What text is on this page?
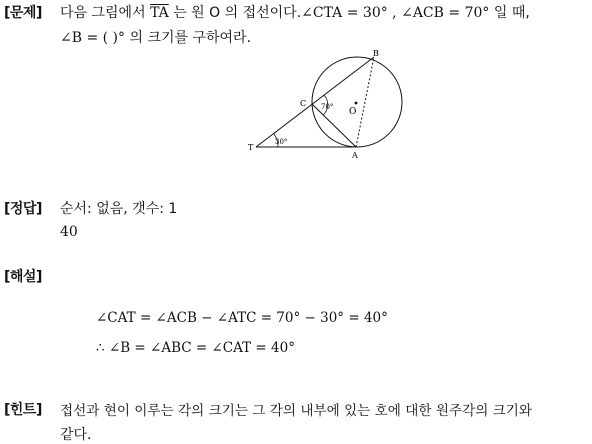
[문제] 다음 그림에서 $\overline{TA}$ 는 원 O 의 접선이다.∠CTA = 30° , ∠ACB = 70° 일 때,
∠B = ( )° 의 크기를 구하여라.
B
C
O
T
A
70°
30°
[정답] 순서: 없음, 갯수: 1
40
[해설]
∠CAT = ∠ACB − ∠ATC = 70° − 30° = 40°
∴ ∠B = ∠ABC = ∠CAT = 40°
[힌트] 접선과 현이 이루는 각의 크기는 그 각의 내부에 있는 호에 대한 원주각의 크기와
같다.
